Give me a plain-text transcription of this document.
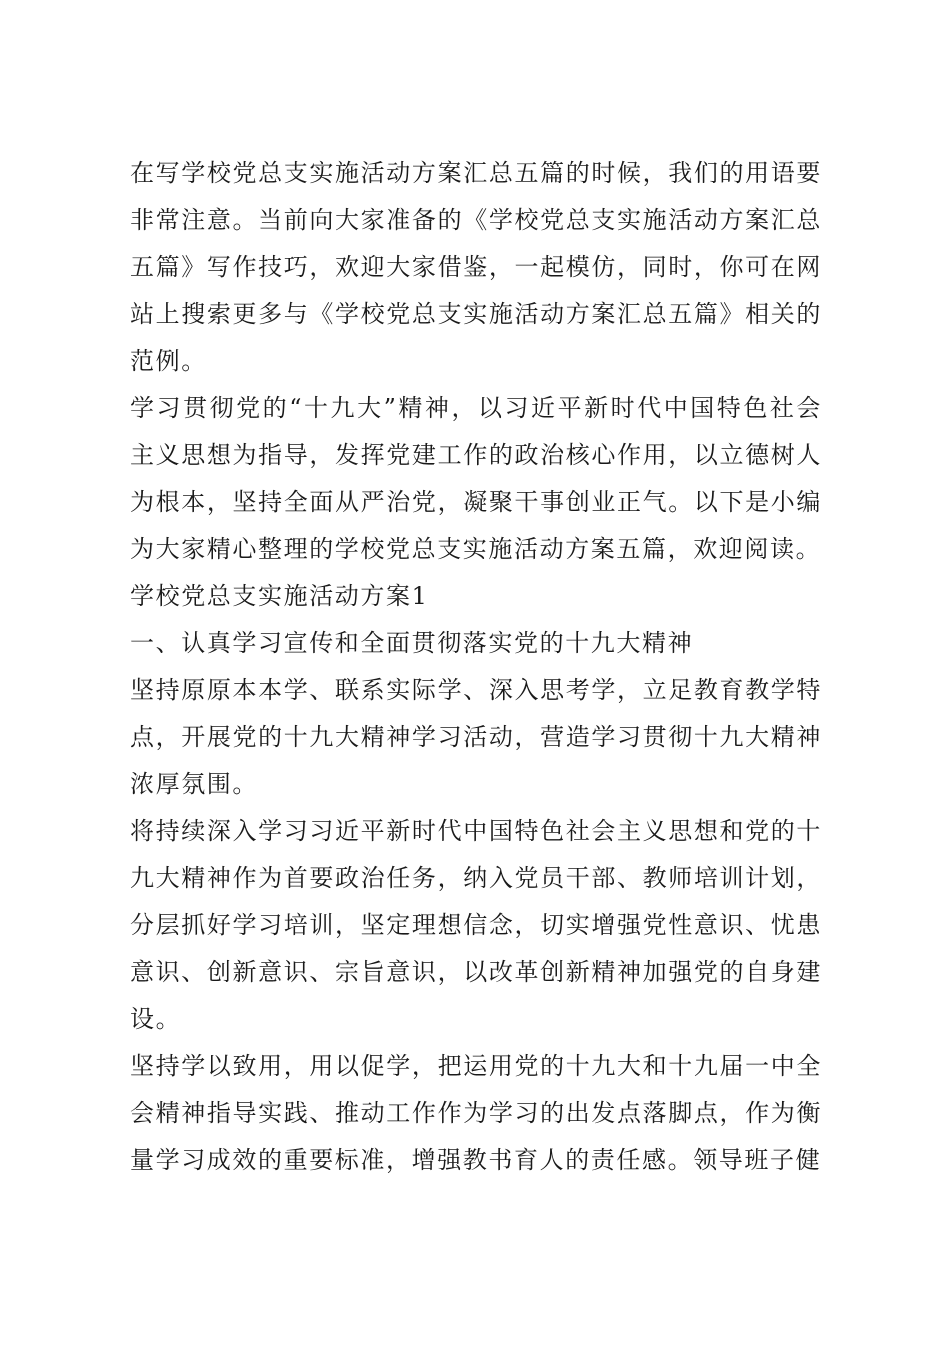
在写学校党总支实施活动方案汇总五篇的时候，我们的用语要非常注意。当前向大家准备的《学校党总支实施活动方案汇总五篇》写作技巧，欢迎大家借鉴，一起模仿，同时，你可在网站上搜索更多与《学校党总支实施活动方案汇总五篇》相关的范例。

学习贯彻党的“十九大”精神，以习近平新时代中国特色社会主义思想为指导，发挥党建工作的政治核心作用，以立德树人为根本，坚持全面从严治党，凝聚干事创业正气。以下是小编为大家精心整理的学校党总支实施活动方案五篇，欢迎阅读。

学校党总支实施活动方案1

一、认真学习宣传和全面贯彻落实党的十九大精神

坚持原原本本学、联系实际学、深入思考学，立足教育教学特点，开展党的十九大精神学习活动，营造学习贯彻十九大精神浓厚氛围。

将持续深入学习习近平新时代中国特色社会主义思想和党的十九大精神作为首要政治任务，纳入党员干部、教师培训计划，分层抓好学习培训，坚定理想信念，切实增强党性意识、忧患意识、创新意识、宗旨意识，以改革创新精神加强党的自身建设。

坚持学以致用，用以促学，把运用党的十九大和十九届一中全会精神指导实践、推动工作作为学习的出发点落脚点，作为衡量学习成效的重要标准，增强教书育人的责任感。领导班子健
